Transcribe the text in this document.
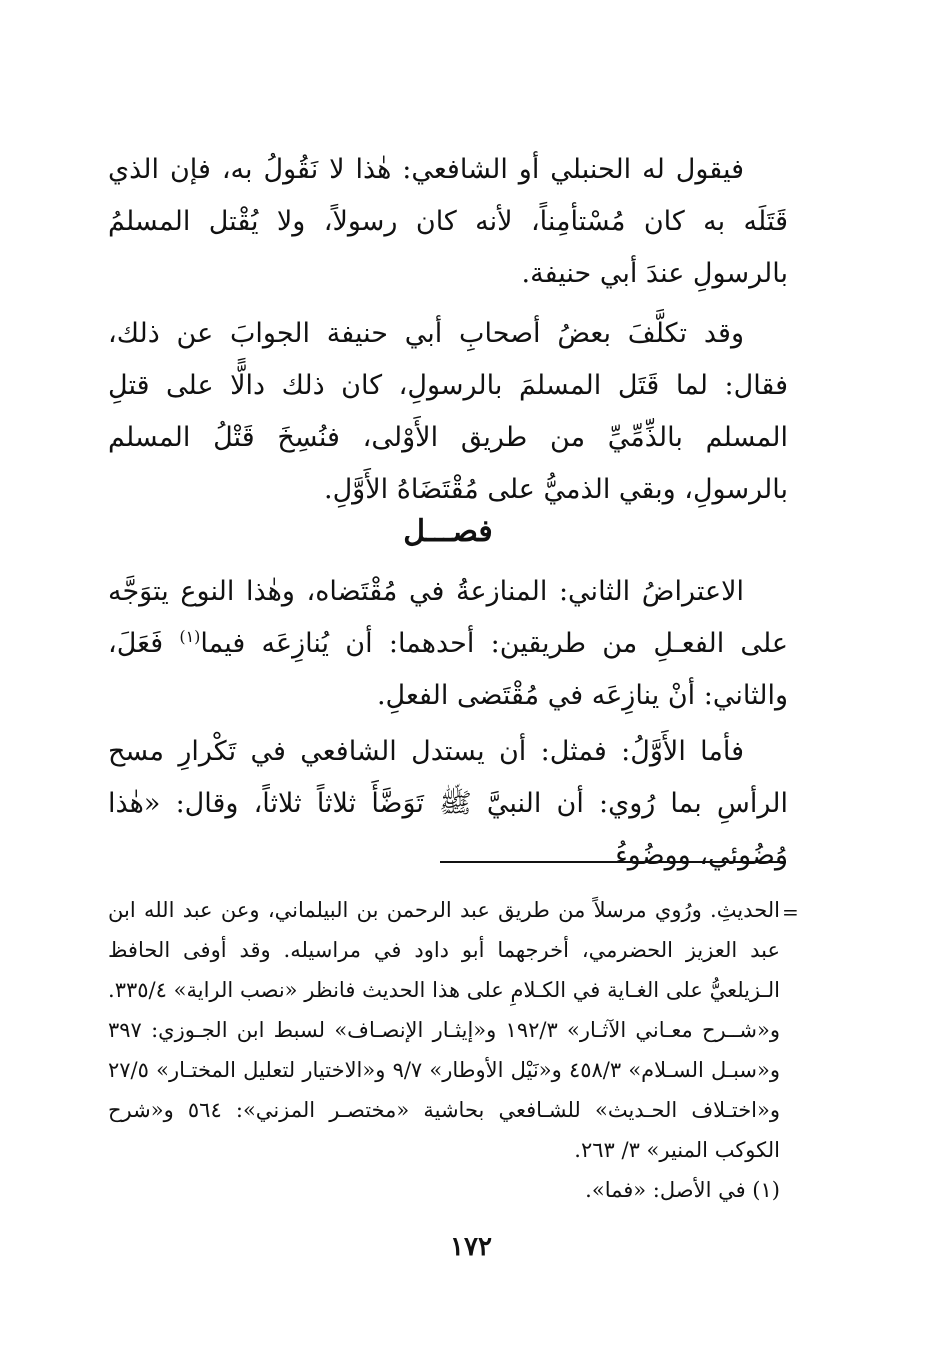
فيقول له الحنبلي أو الشافعي: هٰذا لا نَقُولُ به، فإن الذي قَتَلَه به كان مُسْتأمِناً، لأنه كان رسولاً، ولا يُقْتل المسلمُ بالرسولِ عندَ أبي حنيفة.

وقد تكلَّفَ بعضُ أصحابِ أبي حنيفة الجوابَ عن ذلك، فقال: لما قَتَل المسلمَ بالرسولِ، كان ذلك دالًّا على قتلِ المسلم بالذِّمِّيِّ من طريق الأَوْلى، فنُسِخَ قَتْلُ المسلم بالرسولِ، وبقي الذميُّ على مُقْتَضَاهُ الأَوَّلِ.

فصـــل

الاعتراضُ الثاني: المنازعةُ في مُقْتَضاه، وهٰذا النوع يتوَجَّه على الفعـلِ من طريقين: أحدهما: أن يُنازِعَه فيما$^{(١)}$ فَعَلَ، والثاني: أنْ ينازِعَه في مُقْتَضى الفعلِ.

فأما الأَوَّلُ: فمثل: أن يستدل الشافعي في تَكْرارِ مسح الرأسِ بما رُوي: أن النبيَّ ﷺ تَوَضَّأَ ثلاثاً ثلاثاً، وقال: «هٰذا وُضُوئي، ووضُوءُ

=

الحديثِ. ورُوي مرسلاً من طريق عبد الرحمن بن البيلماني، وعن عبد الله ابن عبد العزيز الحضرمي، أخرجهما أبو داود في مراسيله. وقد أوفى الحافظ الـزيلعيُّ على الغـاية في الكـلامِ على هذا الحديث فانظر «نصب الراية» ٣٣٥/٤. و«شــرح معـاني الآثـار» ١٩٢/٣ و«إيثـار الإنصـاف» لسبط ابن الجـوزي: ٣٩٧ و«سبـل السـلام» ٤٥٨/٣ و«نَيْل الأوطار» ٩/٧ و«الاختيار لتعليل المختـار» ٢٧/٥ و«اختـلاف الحـديث» للشـافعي بحاشية «مختصـر المزني»: ٥٦٤ و«شرح الكوكب المنير» ٣/ ٢٦٣.

(١) في الأصل: «فما».

١٧٢
